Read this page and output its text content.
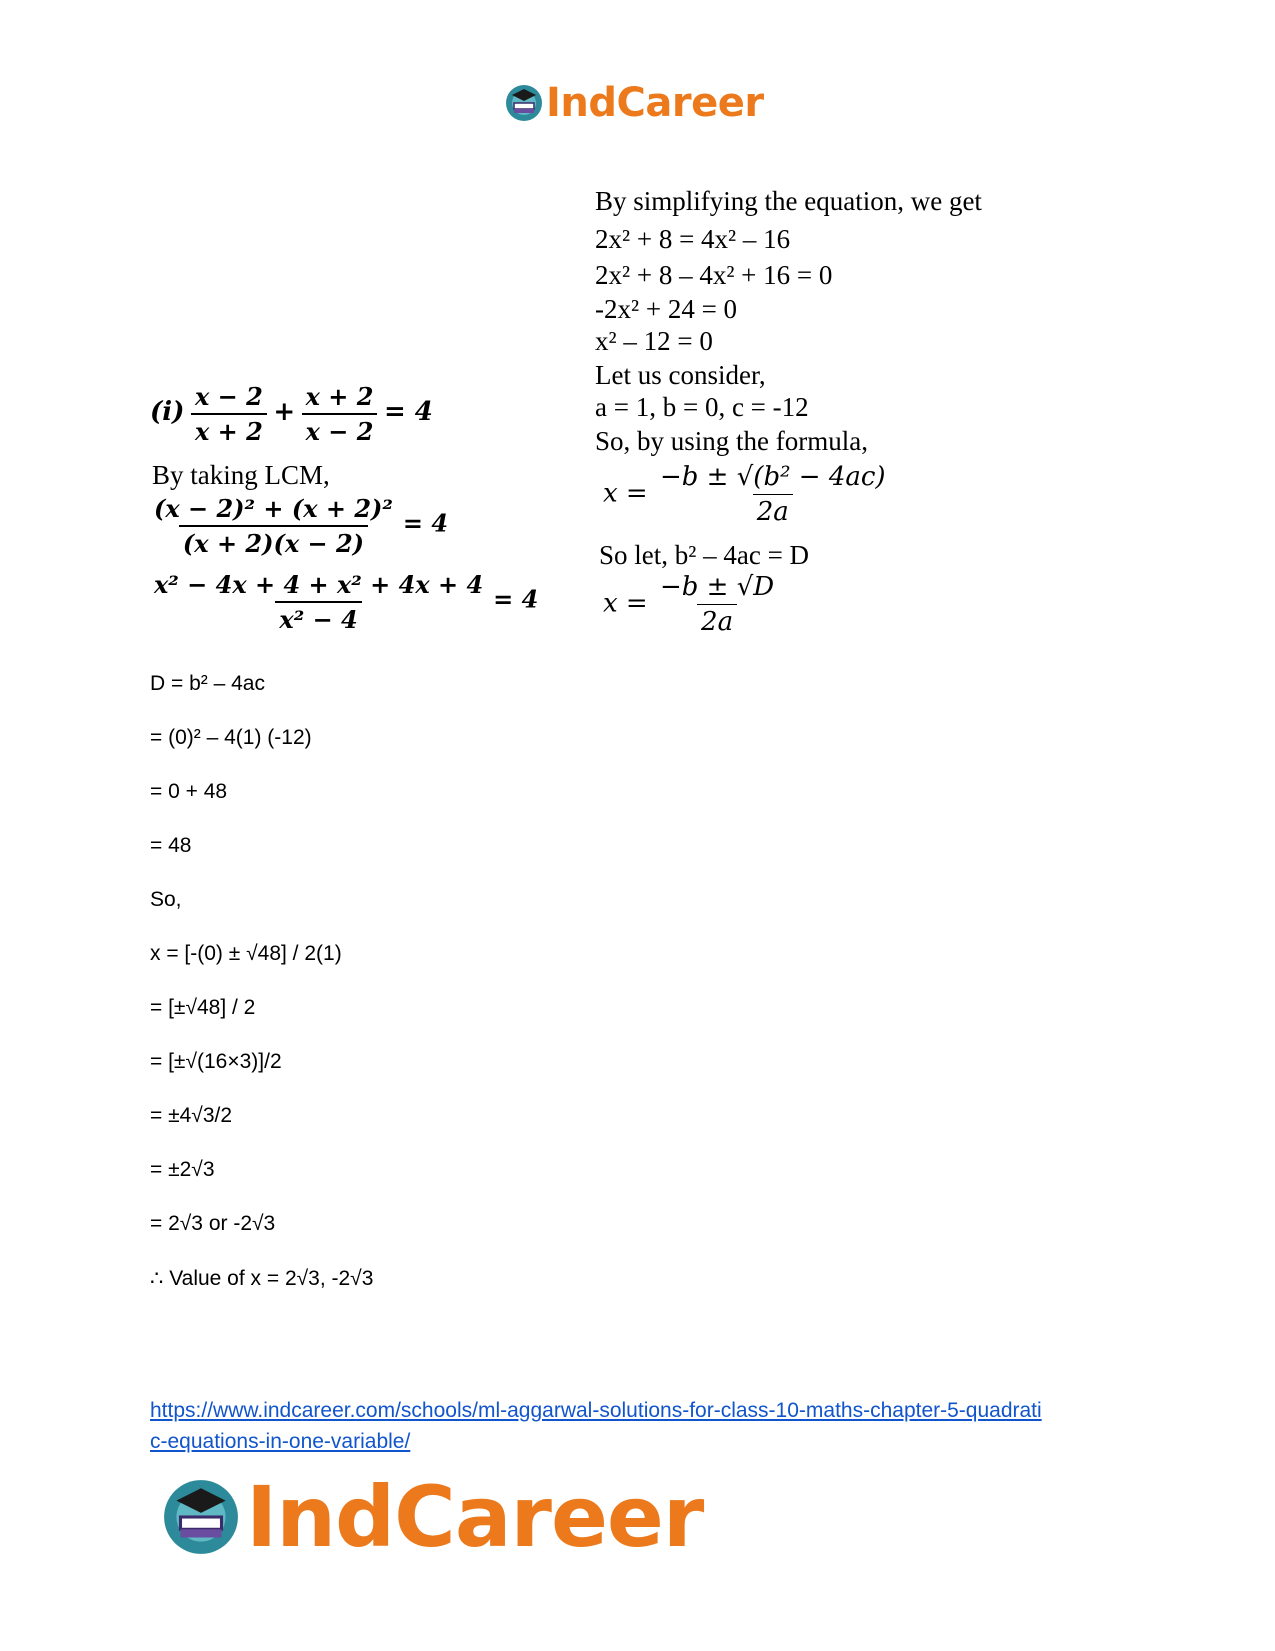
IndCareer
$(i) \frac{x - 2}{x + 2} + \frac{x + 2}{x - 2} = 4$
By taking LCM,
$\frac{\text{(x − 2)² + (x + 2)²}}{(x + 2)(x - 2)} = 4$
$\frac{\text{x² − 4x + 4 + x² + 4x + 4}}{\text{x² − 4}} = 4$
By simplifying the equation, we get
2x² + 8 = 4x² – 16
2x² + 8 – 4x² + 16 = 0
-2x² + 24 = 0
x² – 12 = 0
Let us consider,
a = 1, b = 0, c = -12
So, by using the formula,
$x = \frac{\text{−b ± √(b² − 4ac)}}{2a}$
So let, b² – 4ac = D
$x = \frac{-b \pm √D}{2a}$
D = b² – 4ac
= (0)² – 4(1) (-12)
= 0 + 48
= 48
So,
x = [-(0) ± √48] / 2(1)
= [±√48] / 2
= [±√(16×3)]/2
= ±4√3/2
= ±2√3
= 2√3 or -2√3
∴ Value of x = 2√3, -2√3
https://www.indcareer.com/schools/ml-aggarwal-solutions-for-class-10-maths-chapter-5-quadrati
c-equations-in-one-variable/
IndCareer
